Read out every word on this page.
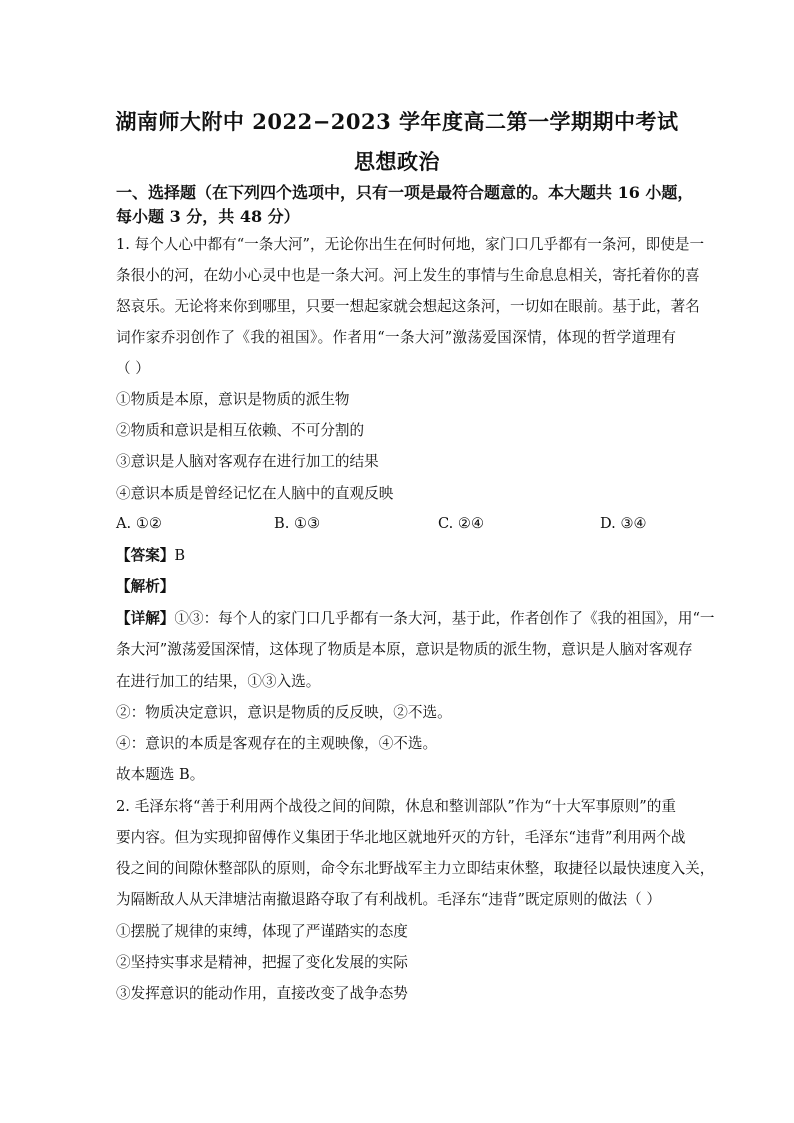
湖南师大附中 2022−2023 学年度高二第一学期期中考试
思想政治
一、选择题（在下列四个选项中，只有一项是最符合题意的。本大题共 16 小题，
每小题 3 分，共 48 分）
1. 每个人心中都有“一条大河”，无论你出生在何时何地，家门口几乎都有一条河，即使是一
条很小的河，在幼小心灵中也是一条大河。河上发生的事情与生命息息相关，寄托着你的喜
怒哀乐。无论将来你到哪里，只要一想起家就会想起这条河，一切如在眼前。基于此，著名
词作家乔羽创作了《我的祖国》。作者用“一条大河”激荡爱国深情，体现的哲学道理有
（ ）
①物质是本原，意识是物质的派生物
②物质和意识是相互依赖、不可分割的
③意识是人脑对客观存在进行加工的结果
④意识本质是曾经记忆在人脑中的直观反映
A. ①②	B. ①③	C. ②④	D. ③④
【答案】B
【解析】
【详解】①③：每个人的家门口几乎都有一条大河，基于此，作者创作了《我的祖国》，用“一
条大河”激荡爱国深情，这体现了物质是本原，意识是物质的派生物，意识是人脑对客观存
在进行加工的结果，①③入选。
②：物质决定意识，意识是物质的反反映，②不选。
④：意识的本质是客观存在的主观映像，④不选。
故本题选 B。
2. 毛泽东将“善于利用两个战役之间的间隙，休息和整训部队”作为“十大军事原则”的重
要内容。但为实现抑留傅作义集团于华北地区就地歼灭的方针，毛泽东“违背”利用两个战
役之间的间隙休整部队的原则，命令东北野战军主力立即结束休整，取捷径以最快速度入关，
为隔断敌人从天津塘沽南撤退路夺取了有利战机。毛泽东“违背”既定原则的做法（ ）
①摆脱了规律的束缚，体现了严谨踏实的态度
②坚持实事求是精神，把握了变化发展的实际
③发挥意识的能动作用，直接改变了战争态势
